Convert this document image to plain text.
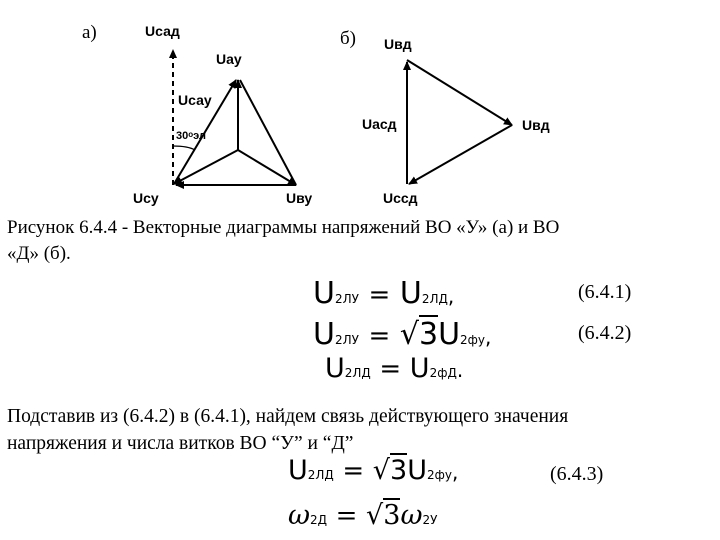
а)	б)
Uсад
Uау
Uсау
30$^o$эл
Uсу	Uву
Uвд
Uасд	Uвд
Uссд
Рисунок 6.4.4 - Векторные диаграммы напряжений ВО «У» (а) и ВО
«Д» (б).
U2ЛУ = U2ЛД,	(6.4.1)
U2ЛУ = √3U2фу,	(6.4.2)
U2ЛД = U2фД.
Подставив из (6.4.2) в (6.4.1), найдем связь действующего значения
напряжения и числа витков ВО “У” и “Д”
U2ЛД = √3U2фу,	(6.4.3)
ω2Д = √3ω2У
